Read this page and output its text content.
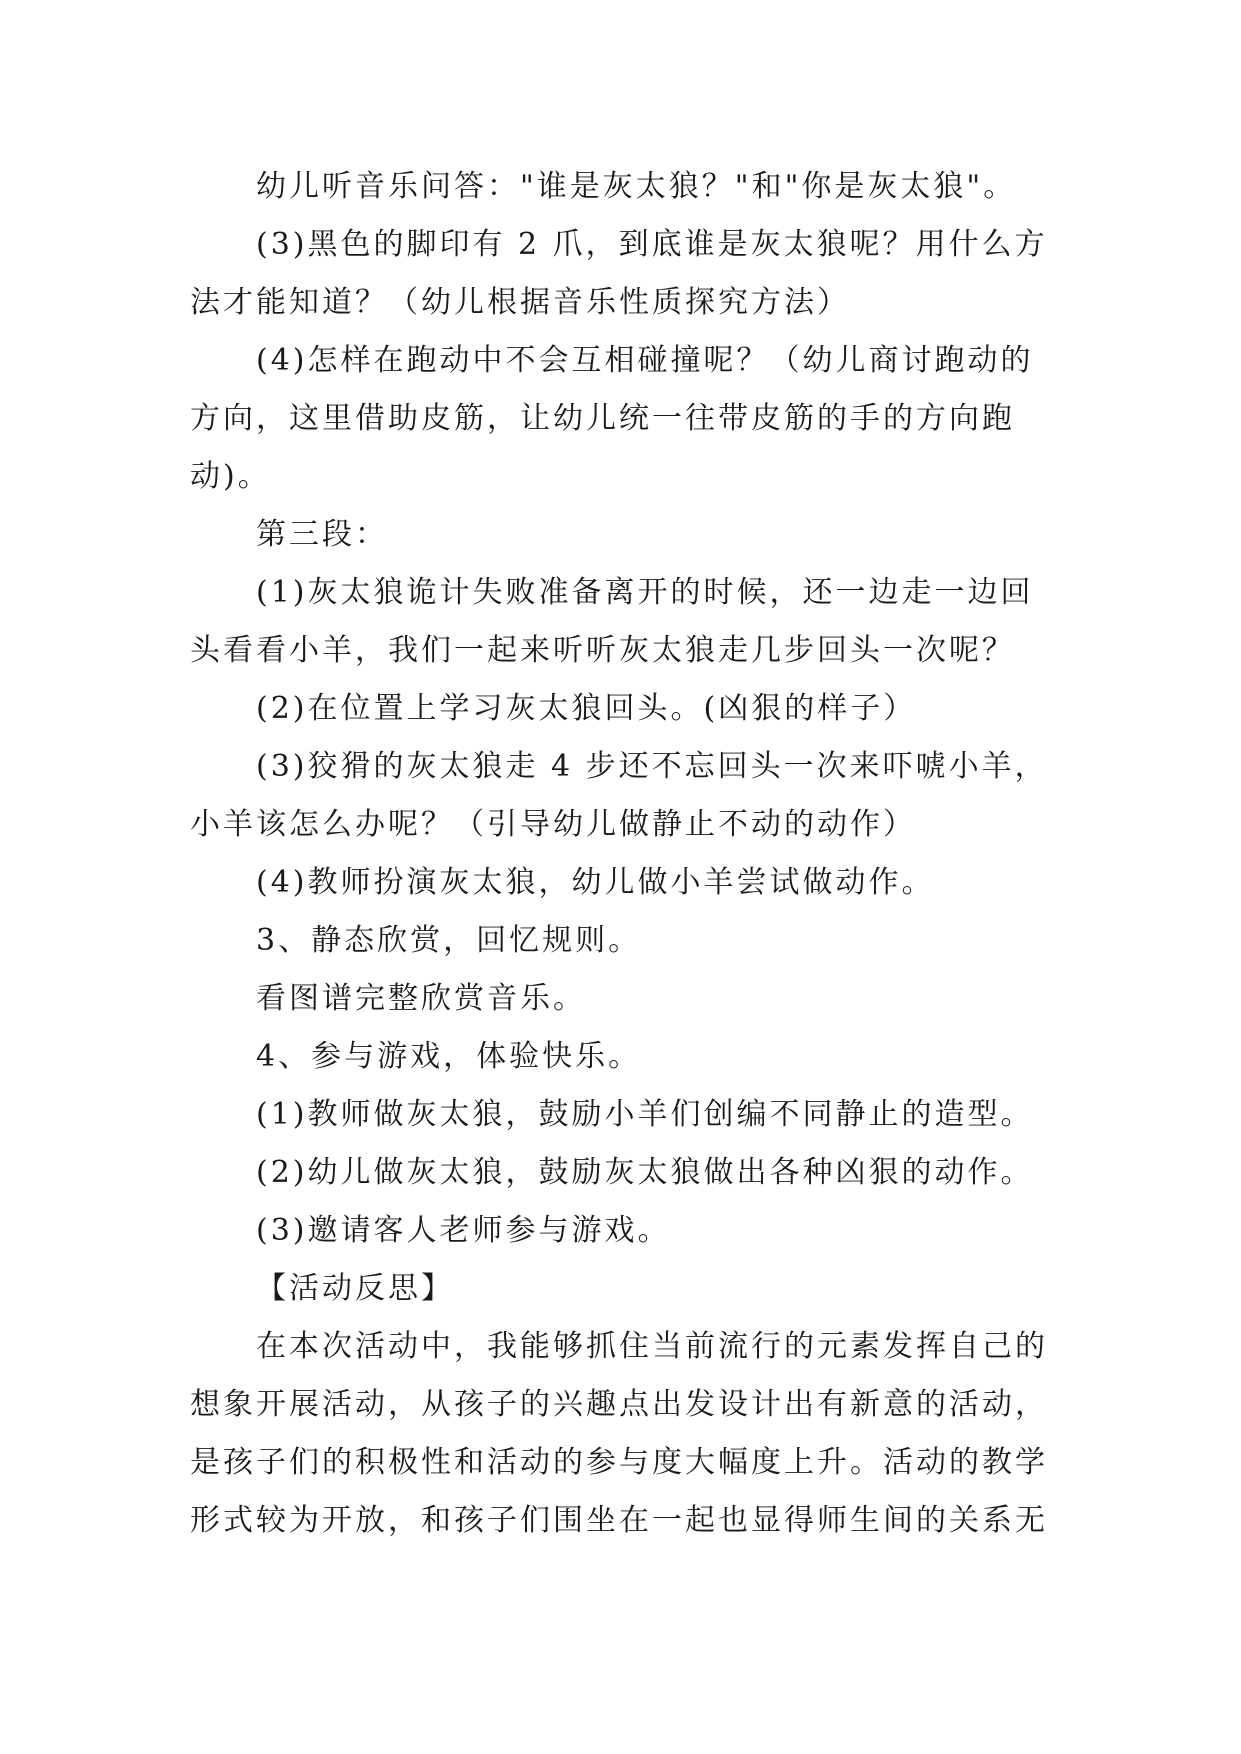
幼儿听音乐问答："谁是灰太狼？"和"你是灰太狼"。

(3)黑色的脚印有 2 爪，到底谁是灰太狼呢？用什么方

法才能知道？（幼儿根据音乐性质探究方法）

(4)怎样在跑动中不会互相碰撞呢？（幼儿商讨跑动的

方向，这里借助皮筋，让幼儿统一往带皮筋的手的方向跑

动)。

第三段：

(1)灰太狼诡计失败准备离开的时候，还一边走一边回

头看看小羊，我们一起来听听灰太狼走几步回头一次呢？

(2)在位置上学习灰太狼回头。(凶狠的样子）

(3)狡猾的灰太狼走 4 步还不忘回头一次来吓唬小羊，

小羊该怎么办呢？（引导幼儿做静止不动的动作）

(4)教师扮演灰太狼，幼儿做小羊尝试做动作。

3、静态欣赏，回忆规则。

看图谱完整欣赏音乐。

4、参与游戏，体验快乐。

(1)教师做灰太狼，鼓励小羊们创编不同静止的造型。

(2)幼儿做灰太狼，鼓励灰太狼做出各种凶狠的动作。

(3)邀请客人老师参与游戏。

【活动反思】

在本次活动中，我能够抓住当前流行的元素发挥自己的

想象开展活动，从孩子的兴趣点出发设计出有新意的活动，

是孩子们的积极性和活动的参与度大幅度上升。活动的教学

形式较为开放，和孩子们围坐在一起也显得师生间的关系无
